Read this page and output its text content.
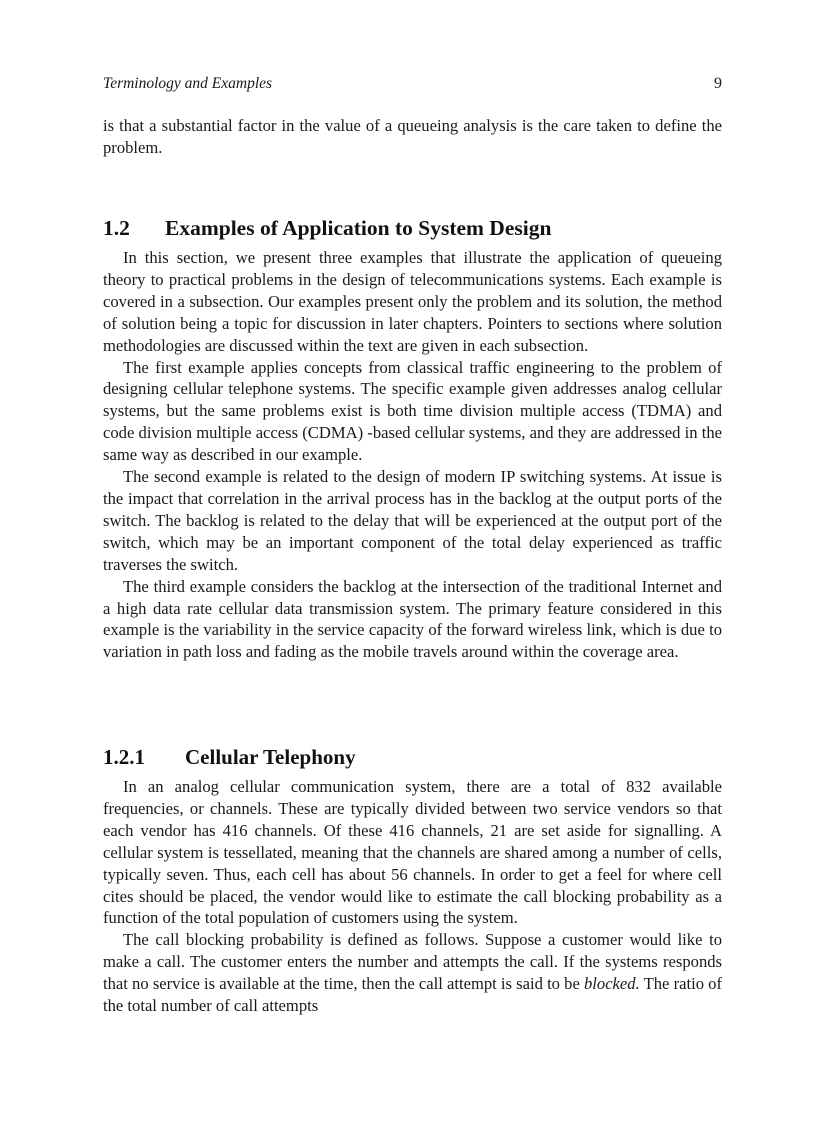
Terminology and Examples	9

is that a substantial factor in the value of a queueing analysis is the care taken to define the problem.

1.2	Examples of Application to System Design

In this section, we present three examples that illustrate the application of queueing theory to practical problems in the design of telecommunications systems. Each example is covered in a subsection. Our examples present only the problem and its solution, the method of solution being a topic for discussion in later chapters. Pointers to sections where solution methodologies are discussed within the text are given in each subsection.

The first example applies concepts from classical traffic engineering to the problem of designing cellular telephone systems. The specific example given addresses analog cellular systems, but the same problems exist is both time division multiple access (TDMA) and code division multiple access (CDMA) -based cellular systems, and they are addressed in the same way as described in our example.

The second example is related to the design of modern IP switching systems. At issue is the impact that correlation in the arrival process has in the backlog at the output ports of the switch. The backlog is related to the delay that will be experienced at the output port of the switch, which may be an important component of the total delay experienced as traffic traverses the switch.

The third example considers the backlog at the intersection of the traditional Internet and a high data rate cellular data transmission system. The primary feature considered in this example is the variability in the service capacity of the forward wireless link, which is due to variation in path loss and fading as the mobile travels around within the coverage area.

1.2.1	Cellular Telephony

In an analog cellular communication system, there are a total of 832 available frequencies, or channels. These are typically divided between two service vendors so that each vendor has 416 channels. Of these 416 channels, 21 are set aside for signalling. A cellular system is tessellated, meaning that the channels are shared among a number of cells, typically seven. Thus, each cell has about 56 channels. In order to get a feel for where cell cites should be placed, the vendor would like to estimate the call blocking probability as a function of the total population of customers using the system.

The call blocking probability is defined as follows. Suppose a customer would like to make a call. The customer enters the number and attempts the call. If the systems responds that no service is available at the time, then the call attempt is said to be blocked. The ratio of the total number of call attempts
